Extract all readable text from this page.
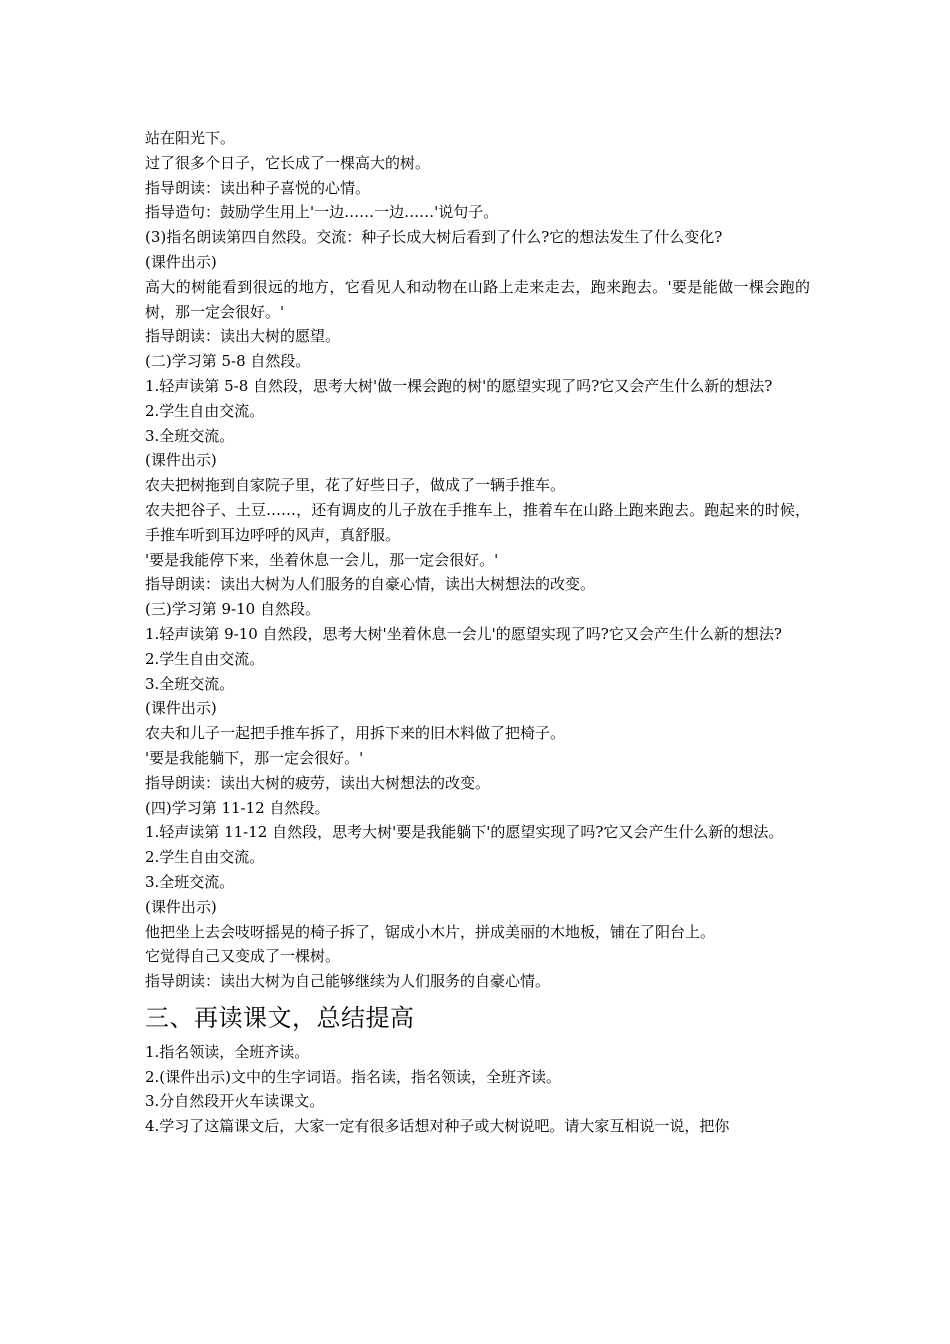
站在阳光下。
过了很多个日子，它长成了一棵高大的树。
指导朗读：读出种子喜悦的心情。
指导造句：鼓励学生用上'一边……一边……'说句子。
(3)指名朗读第四自然段。交流：种子长成大树后看到了什么?它的想法发生了什么变化?
(课件出示)
高大的树能看到很远的地方，它看见人和动物在山路上走来走去，跑来跑去。'要是能做一棵会跑的树，那一定会很好。'
指导朗读：读出大树的愿望。
(二)学习第 5-8 自然段。
1.轻声读第 5-8 自然段，思考大树'做一棵会跑的树'的愿望实现了吗?它又会产生什么新的想法?
2.学生自由交流。
3.全班交流。
(课件出示)
农夫把树拖到自家院子里，花了好些日子，做成了一辆手推车。
农夫把谷子、土豆……，还有调皮的儿子放在手推车上，推着车在山路上跑来跑去。跑起来的时候，手推车听到耳边呼呼的风声，真舒服。
'要是我能停下来，坐着休息一会儿，那一定会很好。'
指导朗读：读出大树为人们服务的自豪心情，读出大树想法的改变。
(三)学习第 9-10 自然段。
1.轻声读第 9-10 自然段，思考大树'坐着休息一会儿'的愿望实现了吗?它又会产生什么新的想法?
2.学生自由交流。
3.全班交流。
(课件出示)
农夫和儿子一起把手推车拆了，用拆下来的旧木料做了把椅子。
'要是我能躺下，那一定会很好。'
指导朗读：读出大树的疲劳，读出大树想法的改变。
(四)学习第 11-12 自然段。
1.轻声读第 11-12 自然段，思考大树'要是我能躺下'的愿望实现了吗?它又会产生什么新的想法。
2.学生自由交流。
3.全班交流。
(课件出示)
他把坐上去会吱呀摇晃的椅子拆了，锯成小木片，拼成美丽的木地板，铺在了阳台上。
它觉得自己又变成了一棵树。
指导朗读：读出大树为自己能够继续为人们服务的自豪心情。
三、再读课文，总结提高
1.指名领读，全班齐读。
2.(课件出示)文中的生字词语。指名读，指名领读，全班齐读。
3.分自然段开火车读课文。
4.学习了这篇课文后，大家一定有很多话想对种子或大树说吧。请大家互相说一说，把你
